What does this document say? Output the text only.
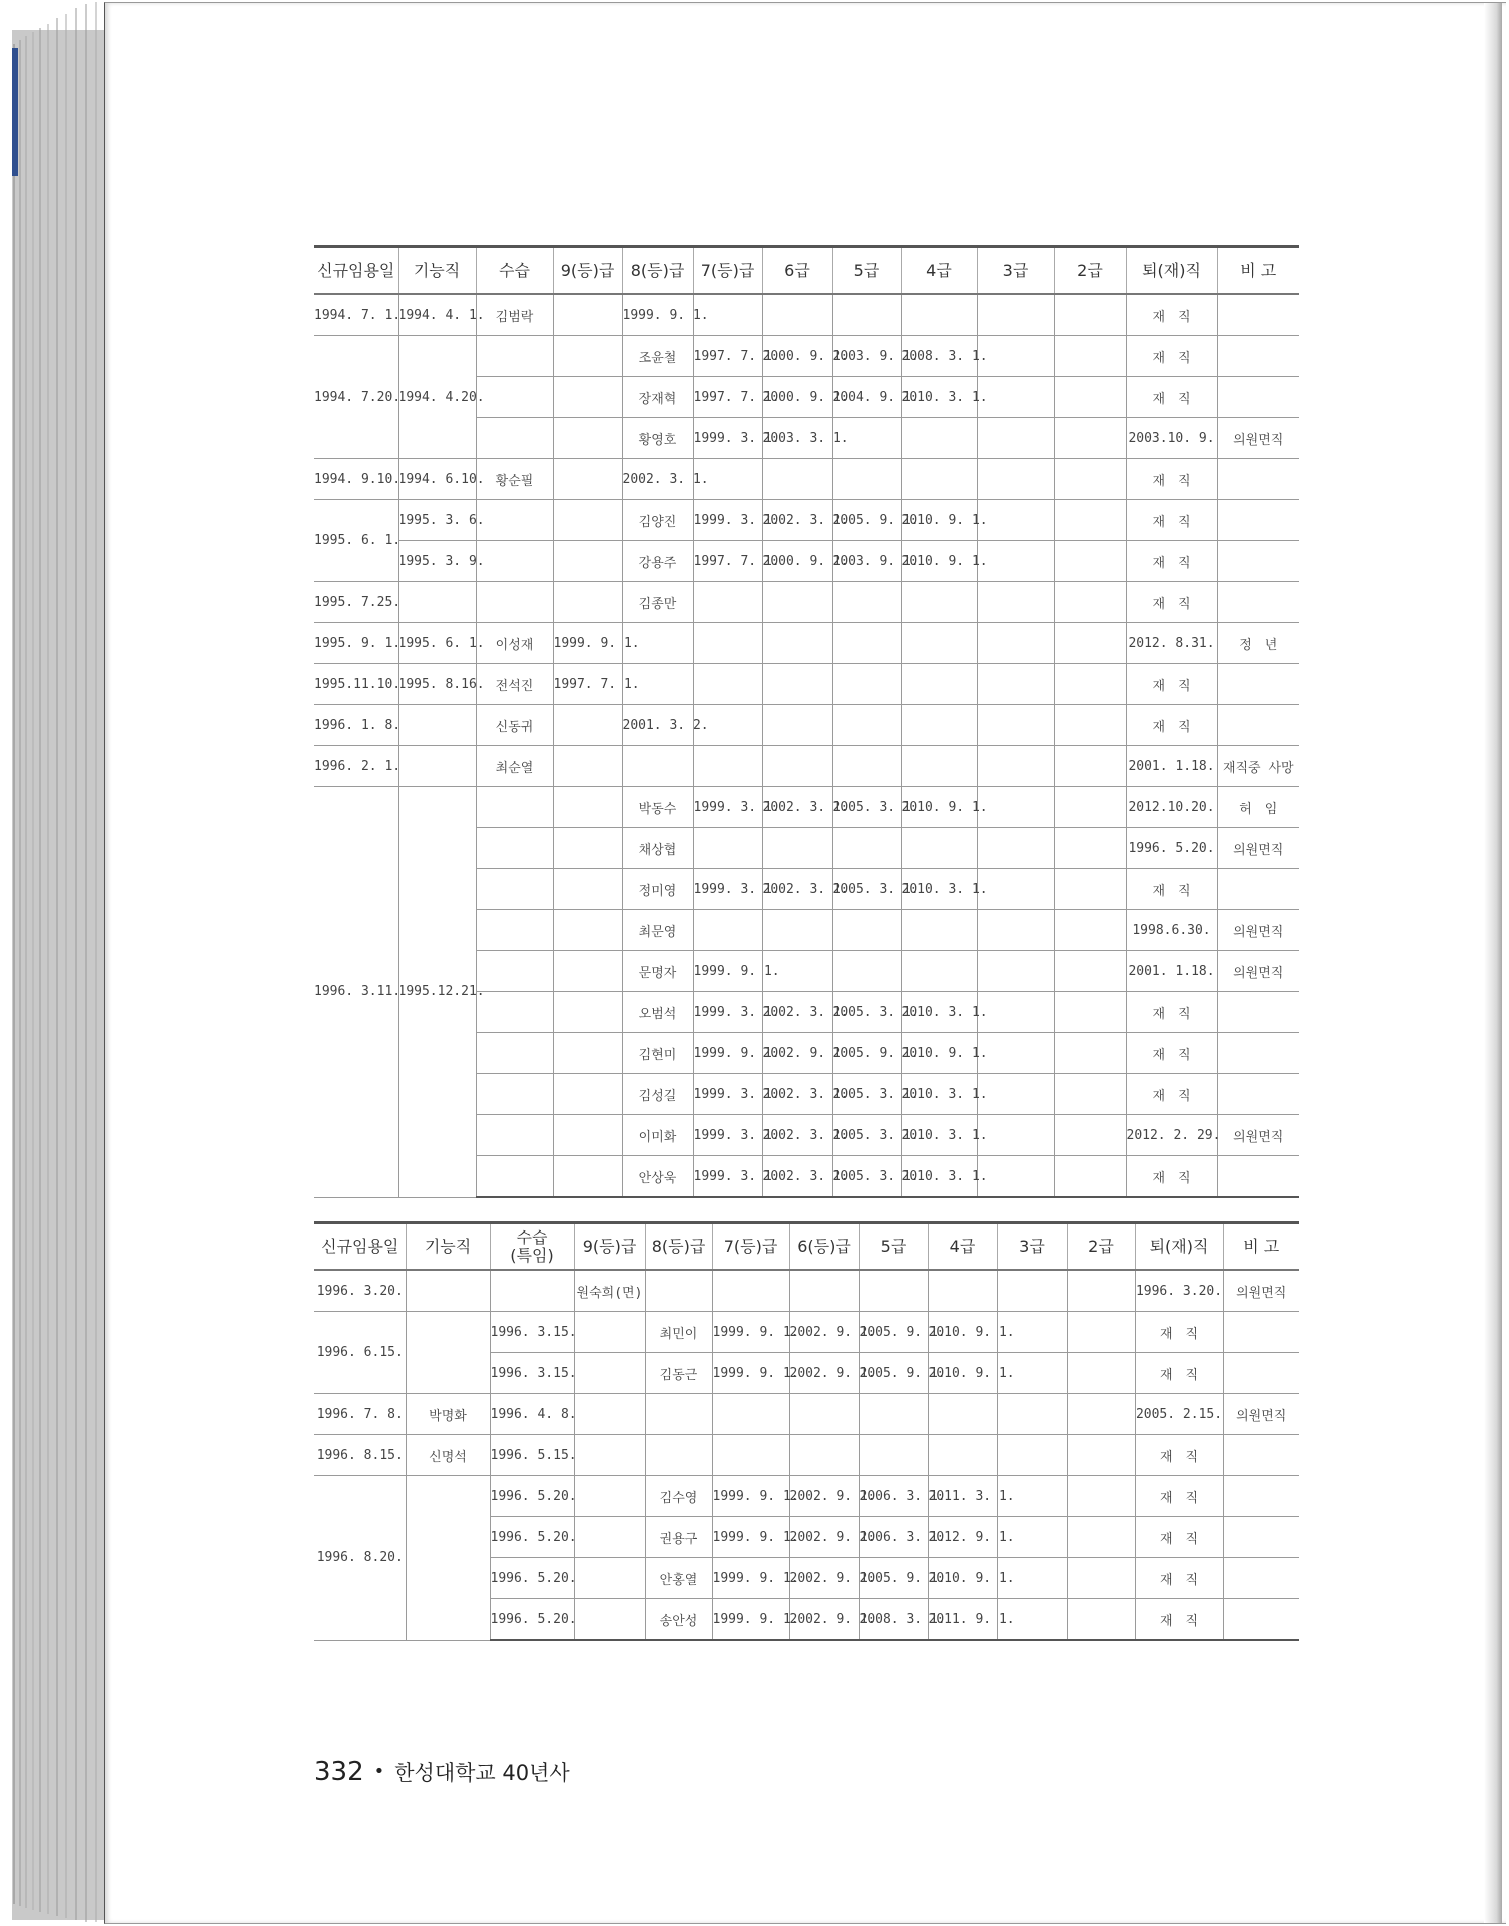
신규임용일	기능직	수습	9(등)급	8(등)급	7(등)급	6급	5급	4급	3급	2급	퇴(재)직	비 고
1994. 7. 1.	1994. 4. 1.	김범락		1999. 9. 1.							재　직	
1994. 7.20.	1994. 4.20.			조윤철	1997. 7. 1.	2000. 9. 1.	2003. 9. 1.	2008. 3. 1.			재　직	
				장재혁	1997. 7. 1.	2000. 9. 1.	2004. 9. 1.	2010. 3. 1.			재　직	
				황영호	1999. 3. 1.	2003. 3. 1.					2003.10. 9.	의원면직
1994. 9.10.	1994. 6.10.	황순필		2002. 3. 1.							재　직	
1995. 6. 1.	1995. 3. 6.			김양진	1999. 3. 1.	2002. 3. 1.	2005. 9. 1.	2010. 9. 1.			재　직	
	1995. 3. 9.			강용주	1997. 7. 1.	2000. 9. 1.	2003. 9. 1.	2010. 9. 1.			재　직	
1995. 7.25.				김종만							재　직	
1995. 9. 1.	1995. 6. 1.	이성재	1999. 9. 1.								2012. 8.31.	정　년
1995.11.10.	1995. 8.16.	전석진	1997. 7. 1.								재　직	
1996. 1. 8.		신동귀		2001. 3. 2.							재　직	
1996. 2. 1.		최순열									2001. 1.18.	재직중 사망
1996. 3.11.	1995.12.21.			박동수	1999. 3. 1.	2002. 3. 1.	2005. 3. 1.	2010. 9. 1.			2012.10.20.	허　임
				채상협							1996. 5.20.	의원면직
				정미영	1999. 3. 1.	2002. 3. 1.	2005. 3. 1.	2010. 3. 1.			재　직	
				최문영							1998.6.30.	의원면직
				문명자	1999. 9. 1.						2001. 1.18.	의원면직
				오범석	1999. 3. 1.	2002. 3. 1.	2005. 3. 1.	2010. 3. 1.			재　직	
				김현미	1999. 9. 1.	2002. 9. 1	2005. 9. 1.	2010. 9. 1.			재　직	
				김성길	1999. 3. 1.	2002. 3. 1.	2005. 3. 1.	2010. 3. 1.			재　직	
				이미화	1999. 3. 1.	2002. 3. 1.	2005. 3. 1.	2010. 3. 1.			2012. 2. 29.	의원면직
				안상욱	1999. 3. 1.	2002. 3. 1.	2005. 3. 1.	2010. 3. 1.			재　직	
신규임용일	기능직	수습
(특임)	9(등)급	8(등)급	7(등)급	6(등)급	5급	4급	3급	2급	퇴(재)직	비 고
1996. 3.20.			원숙희(면)								1996. 3.20.	의원면직
1996. 6.15.		1996. 3.15.		최민이	1999. 9. 1.	2002. 9. 1.	2005. 9. 1.	2010. 9. 1.			재　직	
		1996. 3.15.		김동근	1999. 9. 1.	2002. 9. 1.	2005. 9. 1.	2010. 9. 1.			재　직	
1996. 7. 8.	박명화	1996. 4. 8.									2005. 2.15.	의원면직
1996. 8.15.	신명석	1996. 5.15.									재　직	
1996. 8.20.		1996. 5.20.		김수영	1999. 9. 1.	2002. 9. 1.	2006. 3. 1.	2011. 3. 1.			재　직	
		1996. 5.20.		권용구	1999. 9. 1.	2002. 9. 1.	2006. 3. 1.	2012. 9. 1.			재　직	
		1996. 5.20.		안홍열	1999. 9. 1.	2002. 9. 1.	2005. 9. 1.	2010. 9. 1.			재　직	
		1996. 5.20.		송안성	1999. 9. 1.	2002. 9. 1.	2008. 3. 1.	2011. 9. 1.			재　직	
332 • 한성대학교 40년사
